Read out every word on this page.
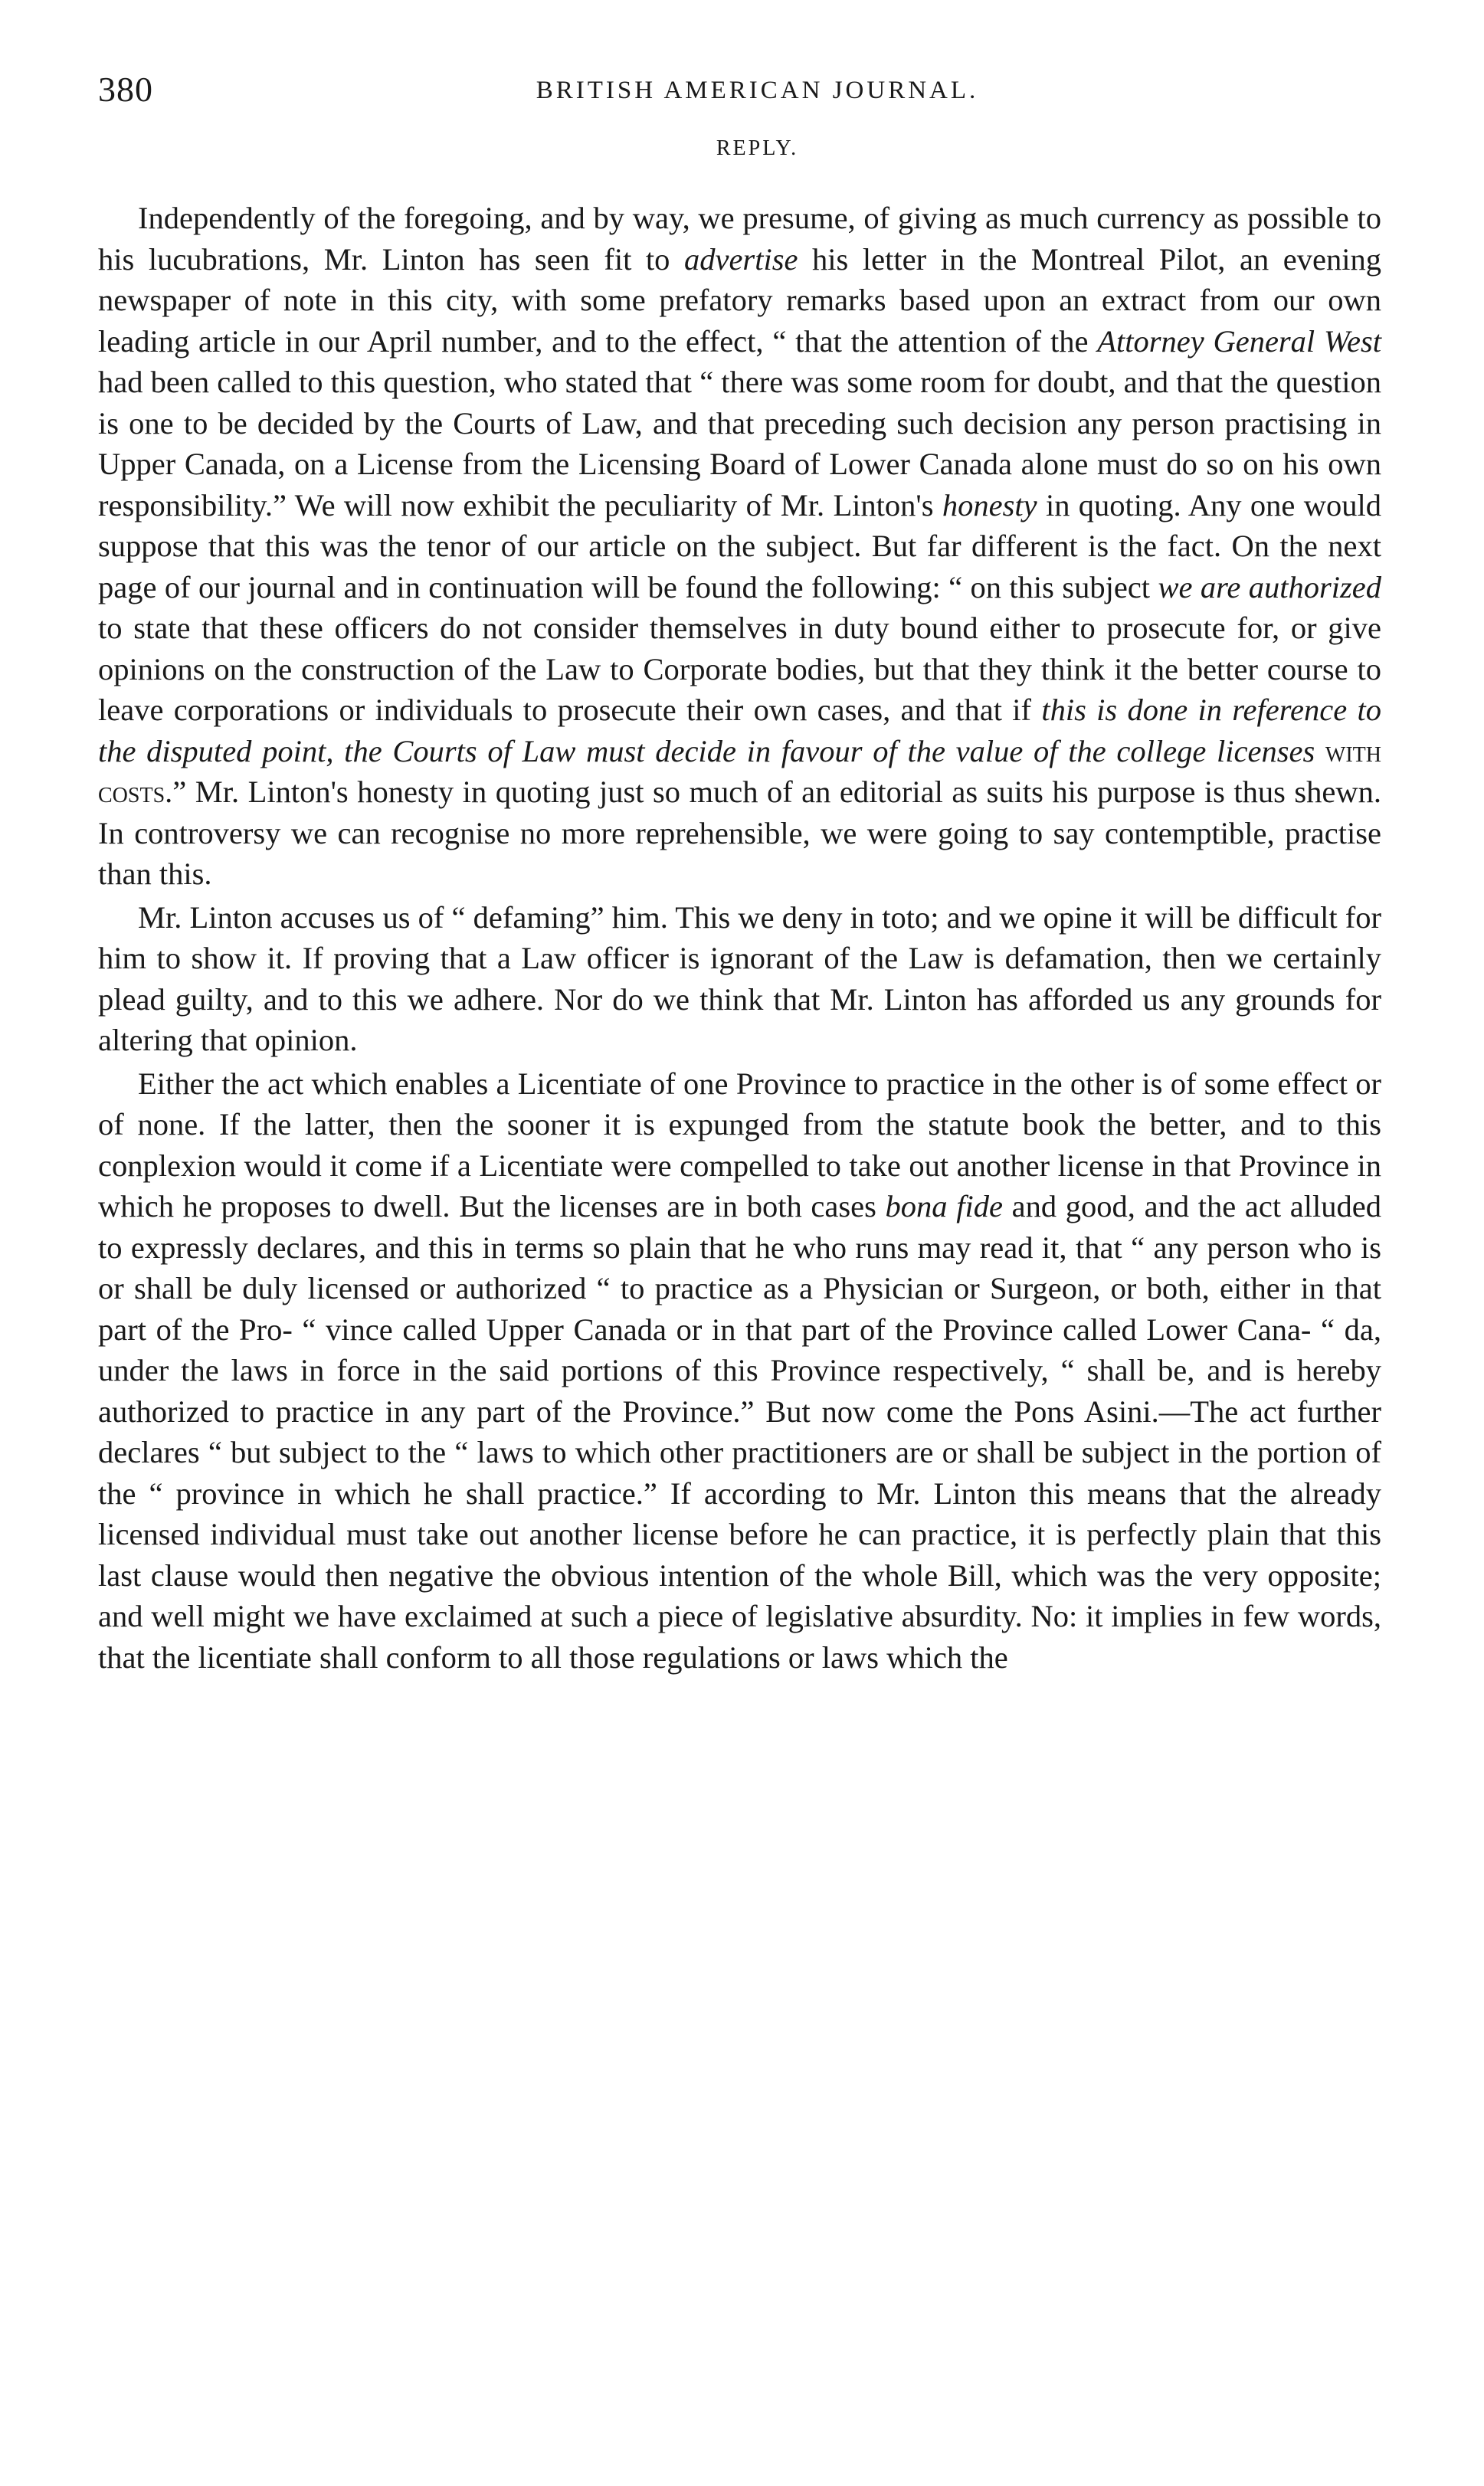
380	BRITISH AMERICAN JOURNAL.
REPLY.

Independently of the foregoing, and by way, we presume, of giving as much currency as possible to his lucubrations, Mr. Linton has seen fit to advertise his letter in the Montreal Pilot, an evening newspaper of note in this city, with some prefatory remarks based upon an extract from our own leading article in our April number, and to the effect, “ that the attention of the Attorney General West had been called to this question, who stated that “ there was some room for doubt, and that the question is one to be decided by the Courts of Law, and that preceding such decision any person practising in Upper Canada, on a License from the Licensing Board of Lower Canada alone must do so on his own responsibility.” We will now exhibit the peculiarity of Mr. Linton's honesty in quoting. Any one would suppose that this was the tenor of our article on the subject. But far different is the fact. On the next page of our journal and in continuation will be found the following: “ on this subject we are authorized to state that these officers do not consider themselves in duty bound either to prosecute for, or give opinions on the construction of the Law to Corporate bodies, but that they think it the better course to leave corporations or individuals to prosecute their own cases, and that if this is done in reference to the disputed point, the Courts of Law must decide in favour of the value of the college licenses with costs.” Mr. Linton's honesty in quoting just so much of an editorial as suits his purpose is thus shewn. In controversy we can recognise no more reprehensible, we were going to say contemptible, practise than this.

Mr. Linton accuses us of “ defaming” him. This we deny in toto; and we opine it will be difficult for him to show it. If proving that a Law officer is ignorant of the Law is defamation, then we certainly plead guilty, and to this we adhere. Nor do we think that Mr. Linton has afforded us any grounds for altering that opinion.

Either the act which enables a Licentiate of one Province to practice in the other is of some effect or of none. If the latter, then the sooner it is expunged from the statute book the better, and to this conplexion would it come if a Licentiate were compelled to take out another license in that Province in which he proposes to dwell. But the licenses are in both cases bona fide and good, and the act alluded to expressly declares, and this in terms so plain that he who runs may read it, that “ any person who is or shall be duly licensed or authorized “ to practice as a Physician or Surgeon, or both, either in that part of the Pro- “ vince called Upper Canada or in that part of the Province called Lower Cana- “ da, under the laws in force in the said portions of this Province respectively, “ shall be, and is hereby authorized to practice in any part of the Province.” But now come the Pons Asini.—The act further declares “ but subject to the “ laws to which other practitioners are or shall be subject in the portion of the “ province in which he shall practice.” If according to Mr. Linton this means that the already licensed individual must take out another license before he can practice, it is perfectly plain that this last clause would then negative the obvious intention of the whole Bill, which was the very opposite; and well might we have exclaimed at such a piece of legislative absurdity. No: it implies in few words, that the licentiate shall conform to all those regulations or laws which the
